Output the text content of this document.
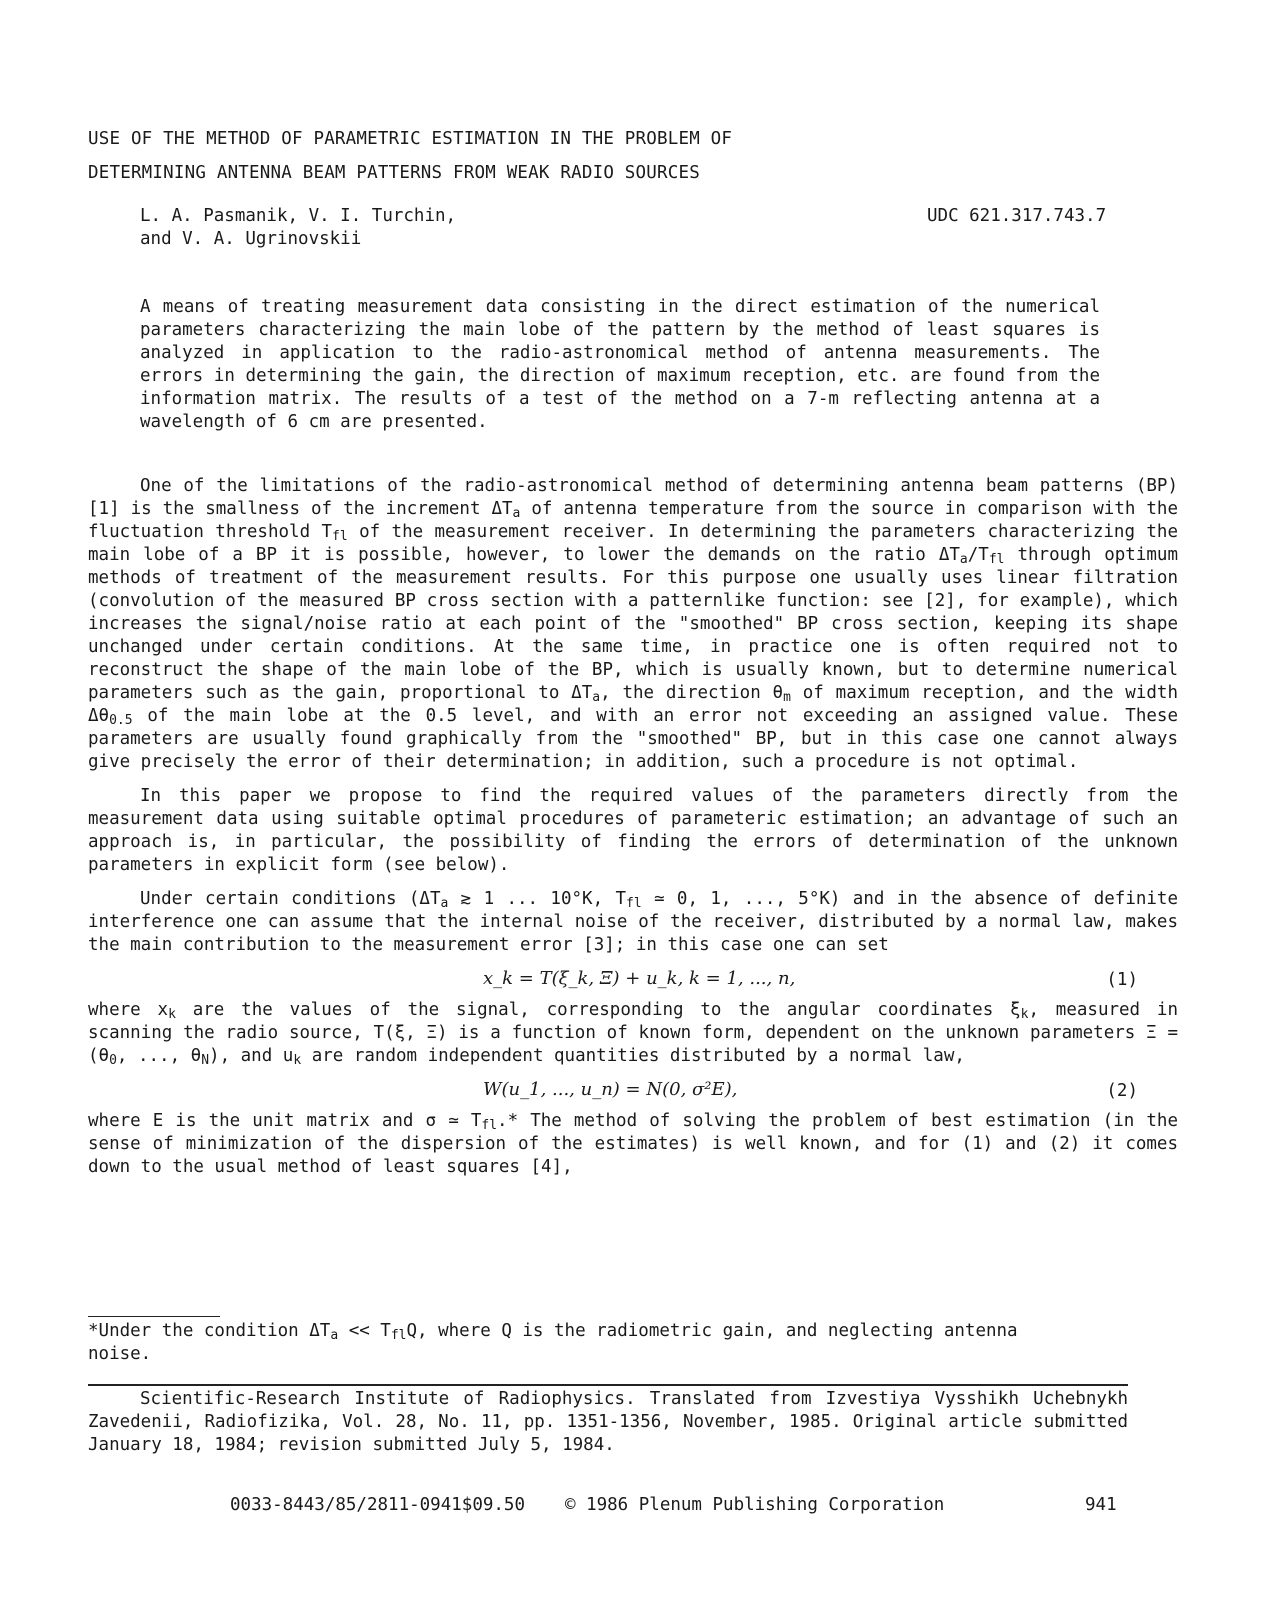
USE OF THE METHOD OF PARAMETRIC ESTIMATION IN THE PROBLEM OF
DETERMINING ANTENNA BEAM PATTERNS FROM WEAK RADIO SOURCES
L. A. Pasmanik, V. I. Turchin,
and V. A. Ugrinovskii
UDC 621.317.743.7
A means of treating measurement data consisting in the direct estimation of the numerical parameters characterizing the main lobe of the pattern by the method of least squares is analyzed in application to the radio-astronomical method of antenna measurements. The errors in determining the gain, the direction of maximum reception, etc. are found from the information matrix. The results of a test of the method on a 7-m reflecting antenna at a wavelength of 6 cm are presented.

One of the limitations of the radio-astronomical method of determining antenna beam patterns (BP) [1] is the smallness of the increment $\Delta T_a$ of antenna temperature from the source in comparison with the fluctuation threshold $T_{fl}$ of the measurement receiver. In determining the parameters characterizing the main lobe of a BP it is possible, however, to lower the demands on the ratio $\Delta T_a/T_{fl}$ through optimum methods of treatment of the measurement results. For this purpose one usually uses linear filtration (convolution of the measured BP cross section with a patternlike function: see [2], for example), which increases the signal/noise ratio at each point of the "smoothed" BP cross section, keeping its shape unchanged under certain conditions. At the same time, in practice one is often required not to reconstruct the shape of the main lobe of the BP, which is usually known, but to determine numerical parameters such as the gain, proportional to $\Delta T_a$, the direction $\theta_m$ of maximum reception, and the width $\Delta\theta_{0.5}$ of the main lobe at the 0.5 level, and with an error not exceeding an assigned value. These parameters are usually found graphically from the "smoothed" BP, but in this case one cannot always give precisely the error of their determination; in addition, such a procedure is not optimal.

In this paper we propose to find the required values of the parameters directly from the measurement data using suitable optimal procedures of parameteric estimation; an advantage of such an approach is, in particular, the possibility of finding the errors of determination of the unknown parameters in explicit form (see below).

Under certain conditions ($\Delta T_a$ ≳ 1 ... 10°K, $T_{fl}$ ≃ 0, 1, ..., 5°K) and in the absence of definite interference one can assume that the internal noise of the receiver, distributed by a normal law, makes the main contribution to the measurement error [3]; in this case one can set

x_k = T(ξ_k, Ξ) + u_k, k = 1, ..., n,	(1)

where $x_k$ are the values of the signal, corresponding to the angular coordinates $\xi_k$, measured in scanning the radio source, T(ξ, Ξ) is a function of known form, dependent on the unknown parameters $\Xi = (\theta_0$, ..., $\theta_N$), and $u_k$ are random independent quantities distributed by a normal law,

W(u_1, ..., u_n) = N(0, σ²E),	(2)

where E is the unit matrix and σ ≃ $T_{fl}.*$ The method of solving the problem of best estimation (in the sense of minimization of the dispersion of the estimates) is well known, and for (1) and (2) it comes down to the usual method of least squares [4],

*Under the condition $\Delta T_a << T_{fl}Q$, where Q is the radiometric gain, and neglecting antenna noise.

Scientific-Research Institute of Radiophysics. Translated from Izvestiya Vysshikh Uchebnykh Zavedenii, Radiofizika, Vol. 28, No. 11, pp. 1351-1356, November, 1985. Original article submitted January 18, 1984; revision submitted July 5, 1984.

0033-8443/85/2811-0941$09.50 © 1986 Plenum Publishing Corporation	941
